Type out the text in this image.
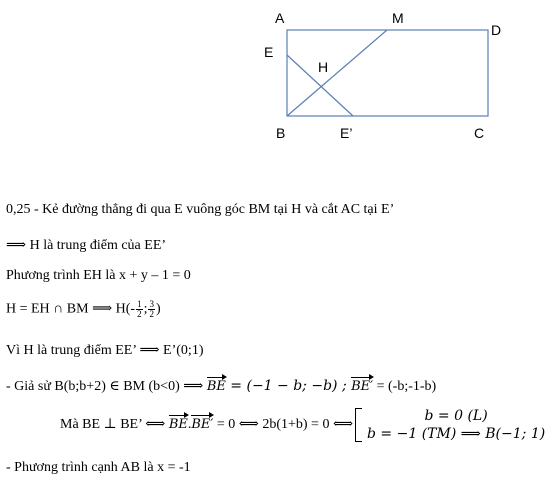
A	M
D
E
H
B	E’	C
0,25 - Kẻ đường thẳng đi qua E vuông góc BM tại H và cắt AC tại E’
⟹ H là trung điểm của EE’
Phương trình EH là x + y – 1 = 0
H = EH ∩ BM ⟹ $H(- \frac{1}{2}$ ; $\frac{3}{2}$ )
Vì H là trung điểm EE’ ⟹ E’(0;1)
- Giả sử B(b;b+2) ∈ BM (b<0) ⟹ BE = (−1 − b; −b) ; BE′ = (-b;-1-b)
Mà BE ⊥ BE’ ⟺ BE.BE′ = 0 ⟺ 2b(1+b) = 0 ⟺
b = 0 (L)
b = −1 (TM) ⟹ B(−1; 1)
- Phương trình cạnh AB là x = -1
